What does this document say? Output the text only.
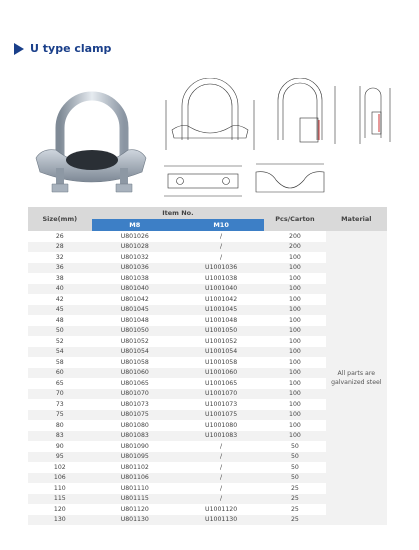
U type clamp
Size(mm)	Item No.		Pcs/Carton	Material
	M8	M10		
26	U801026	/	200	All parts are galvanized steel
28	U801028	/	200	
32	U801032	/	100	
36	U801036	U1001036	100	
38	U801038	U1001038	100	
40	U801040	U1001040	100	
42	U801042	U1001042	100	
45	U801045	U1001045	100	
48	U801048	U1001048	100	
50	U801050	U1001050	100	
52	U801052	U1001052	100	
54	U801054	U1001054	100	
58	U801058	U1001058	100	
60	U801060	U1001060	100	
65	U801065	U1001065	100	
70	U801070	U1001070	100	
73	U801073	U1001073	100	
75	U801075	U1001075	100	
80	U801080	U1001080	100	
83	U801083	U1001083	100	
90	U801090	/	50	
95	U801095	/	50	
102	U801102	/	50	
106	U801106	/	50	
110	U801110	/	25	
115	U801115	/	25	
120	U801120	U1001120	25	
130	U801130	U1001130	25	
